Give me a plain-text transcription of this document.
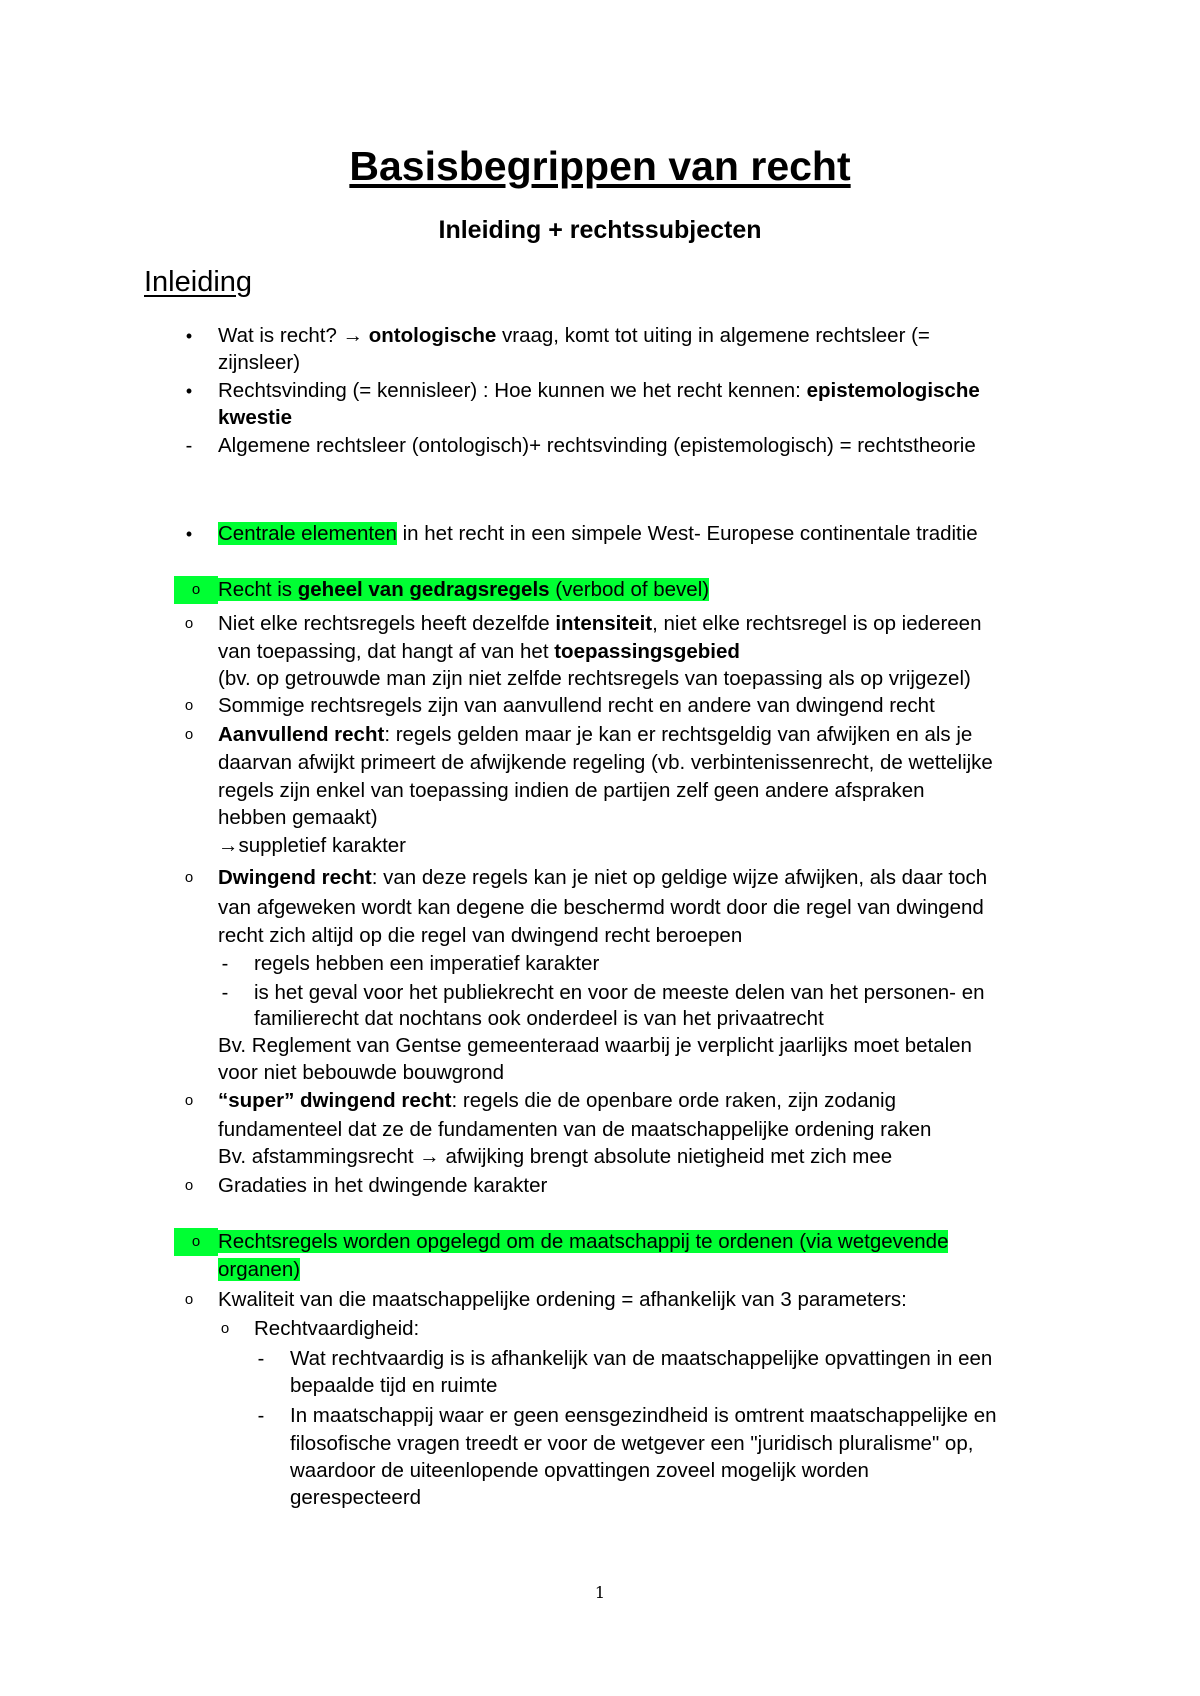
Basisbegrippen van recht
Inleiding + rechtssubjecten
Inleiding
•	Wat is recht? → ontologische vraag, komt tot uiting in algemene rechtsleer (=
zijnsleer)
•	Rechtsvinding (= kennisleer) : Hoe kunnen we het recht kennen: epistemologische
kwestie
-	Algemene rechtsleer (ontologisch)+ rechtsvinding (epistemologisch) = rechtstheorie
•	Centrale elementen in het recht in een simpele West- Europese continentale traditie
o Recht is geheel van gedragsregels (verbod of bevel)
o	Niet elke rechtsregels heeft dezelfde intensiteit, niet elke rechtsregel is op iedereen
van toepassing, dat hangt af van het toepassingsgebied
(bv. op getrouwde man zijn niet zelfde rechtsregels van toepassing als op vrijgezel)
o	Sommige rechtsregels zijn van aanvullend recht en andere van dwingend recht
o	Aanvullend recht: regels gelden maar je kan er rechtsgeldig van afwijken en als je
daarvan afwijkt primeert de afwijkende regeling (vb. verbintenissenrecht, de wettelijke
regels zijn enkel van toepassing indien de partijen zelf geen andere afspraken
hebben gemaakt)
→suppletief karakter
o	Dwingend recht: van deze regels kan je niet op geldige wijze afwijken, als daar toch
van afgeweken wordt kan degene die beschermd wordt door die regel van dwingend
recht zich altijd op die regel van dwingend recht beroepen
-	regels hebben een imperatief karakter
-	is het geval voor het publiekrecht en voor de meeste delen van het personen- en
familierecht dat nochtans ook onderdeel is van het privaatrecht
Bv. Reglement van Gentse gemeenteraad waarbij je verplicht jaarlijks moet betalen
voor niet bebouwde bouwgrond
o	“super” dwingend recht: regels die de openbare orde raken, zijn zodanig
fundamenteel dat ze de fundamenten van de maatschappelijke ordening raken
Bv. afstammingsrecht → afwijking brengt absolute nietigheid met zich mee
o	Gradaties in het dwingende karakter
o Rechtsregels worden opgelegd om de maatschappij te ordenen (via wetgevende
organen)
o	Kwaliteit van die maatschappelijke ordening = afhankelijk van 3 parameters:
o	Rechtvaardigheid:
-	Wat rechtvaardig is is afhankelijk van de maatschappelijke opvattingen in een
bepaalde tijd en ruimte
-	In maatschappij waar er geen eensgezindheid is omtrent maatschappelijke en
filosofische vragen treedt er voor de wetgever een "juridisch pluralisme" op,
waardoor de uiteenlopende opvattingen zoveel mogelijk worden
gerespecteerd
1
